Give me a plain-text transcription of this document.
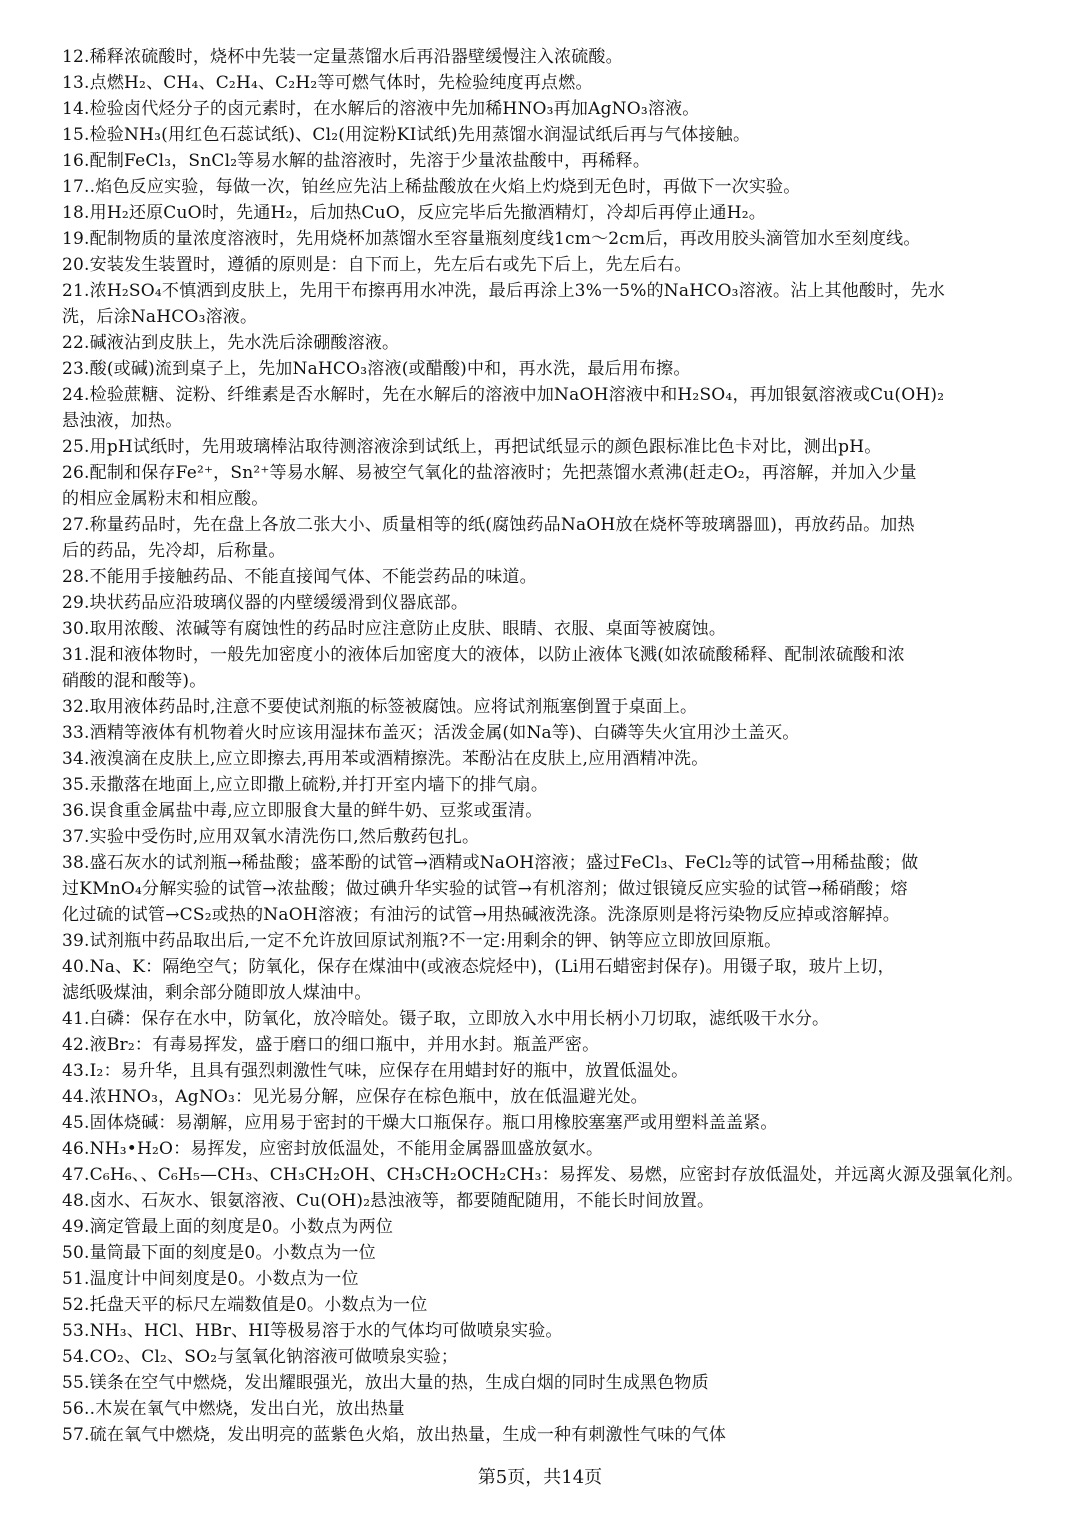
12.稀释浓硫酸时，烧杯中先装一定量蒸馏水后再沿器壁缓慢注入浓硫酸。
13.点燃H₂、CH₄、C₂H₄、C₂H₂等可燃气体时，先检验纯度再点燃。
14.检验卤代烃分子的卤元素时，在水解后的溶液中先加稀HNO₃再加AgNO₃溶液。
15.检验NH₃(用红色石蕊试纸)、Cl₂(用淀粉KI试纸)先用蒸馏水润湿试纸后再与气体接触。
16.配制FeCl₃，SnCl₂等易水解的盐溶液时，先溶于少量浓盐酸中，再稀释。
17..焰色反应实验，每做一次，铂丝应先沾上稀盐酸放在火焰上灼烧到无色时，再做下一次实验。
18.用H₂还原CuO时，先通H₂，后加热CuO，反应完毕后先撤酒精灯，冷却后再停止通H₂。
19.配制物质的量浓度溶液时，先用烧杯加蒸馏水至容量瓶刻度线1cm～2cm后，再改用胶头滴管加水至刻度线。
20.安装发生装置时，遵循的原则是：自下而上，先左后右或先下后上，先左后右。
21.浓H₂SO₄不慎洒到皮肤上，先用干布擦再用水冲洗，最后再涂上3%一5%的NaHCO₃溶液。沾上其他酸时，先水
洗，后涂NaHCO₃溶液。
22.碱液沾到皮肤上，先水洗后涂硼酸溶液。
23.酸(或碱)流到桌子上，先加NaHCO₃溶液(或醋酸)中和，再水洗，最后用布擦。
24.检验蔗糖、淀粉、纤维素是否水解时，先在水解后的溶液中加NaOH溶液中和H₂SO₄，再加银氨溶液或Cu(OH)₂
悬浊液，加热。
25.用pH试纸时，先用玻璃棒沾取待测溶液涂到试纸上，再把试纸显示的颜色跟标准比色卡对比，测出pH。
26.配制和保存Fe²⁺，Sn²⁺等易水解、易被空气氧化的盐溶液时；先把蒸馏水煮沸(赶走O₂，再溶解，并加入少量
的相应金属粉末和相应酸。
27.称量药品时，先在盘上各放二张大小、质量相等的纸(腐蚀药品NaOH放在烧杯等玻璃器皿)，再放药品。加热
后的药品，先冷却，后称量。
28.不能用手接触药品、不能直接闻气体、不能尝药品的味道。
29.块状药品应沿玻璃仪器的内壁缓缓滑到仪器底部。
30.取用浓酸、浓碱等有腐蚀性的药品时应注意防止皮肤、眼睛、衣服、桌面等被腐蚀。
31.混和液体物时，一般先加密度小的液体后加密度大的液体，以防止液体飞溅(如浓硫酸稀释、配制浓硫酸和浓
硝酸的混和酸等)。
32.取用液体药品时,注意不要使试剂瓶的标签被腐蚀。应将试剂瓶塞倒置于桌面上。
33.酒精等液体有机物着火时应该用湿抹布盖灭；活泼金属(如Na等)、白磷等失火宜用沙土盖灭。
34.液溴滴在皮肤上,应立即擦去,再用苯或酒精擦洗。苯酚沾在皮肤上,应用酒精冲洗。
35.汞撒落在地面上,应立即撒上硫粉,并打开室内墙下的排气扇。
36.误食重金属盐中毒,应立即服食大量的鲜牛奶、豆浆或蛋清。
37.实验中受伤时,应用双氧水清洗伤口,然后敷药包扎。
38.盛石灰水的试剂瓶→稀盐酸；盛苯酚的试管→酒精或NaOH溶液；盛过FeCl₃、FeCl₂等的试管→用稀盐酸；做
过KMnO₄分解实验的试管→浓盐酸；做过碘升华实验的试管→有机溶剂；做过银镜反应实验的试管→稀硝酸；熔
化过硫的试管→CS₂或热的NaOH溶液；有油污的试管→用热碱液洗涤。洗涤原则是将污染物反应掉或溶解掉。
39.试剂瓶中药品取出后,一定不允许放回原试剂瓶?不一定:用剩余的钾、钠等应立即放回原瓶。
40.Na、K：隔绝空气；防氧化，保存在煤油中(或液态烷烃中)，(Li用石蜡密封保存)。用镊子取，玻片上切，
滤纸吸煤油，剩余部分随即放人煤油中。
41.白磷：保存在水中，防氧化，放冷暗处。镊子取，立即放入水中用长柄小刀切取，滤纸吸干水分。
42.液Br₂：有毒易挥发，盛于磨口的细口瓶中，并用水封。瓶盖严密。
43.I₂：易升华，且具有强烈刺激性气味，应保存在用蜡封好的瓶中，放置低温处。
44.浓HNO₃，AgNO₃：见光易分解，应保存在棕色瓶中，放在低温避光处。
45.固体烧碱：易潮解，应用易于密封的干燥大口瓶保存。瓶口用橡胶塞塞严或用塑料盖盖紧。
46.NH₃•H₂O：易挥发，应密封放低温处，不能用金属器皿盛放氨水。
47.C₆H₆、、C₆H₅—CH₃、CH₃CH₂OH、CH₃CH₂OCH₂CH₃：易挥发、易燃，应密封存放低温处，并远离火源及强氧化剂。
48.卤水、石灰水、银氨溶液、Cu(OH)₂悬浊液等，都要随配随用，不能长时间放置。
49.滴定管最上面的刻度是0。小数点为两位
50.量筒最下面的刻度是0。小数点为一位
51.温度计中间刻度是0。小数点为一位
52.托盘天平的标尺左端数值是0。小数点为一位
53.NH₃、HCl、HBr、HI等极易溶于水的气体均可做喷泉实验。
54.CO₂、Cl₂、SO₂与氢氧化钠溶液可做喷泉实验；
55.镁条在空气中燃烧，发出耀眼强光，放出大量的热，生成白烟的同时生成黑色物质
56..木炭在氧气中燃烧，发出白光，放出热量
57.硫在氧气中燃烧，发出明亮的蓝紫色火焰，放出热量，生成一种有刺激性气味的气体
第5页，共14页
